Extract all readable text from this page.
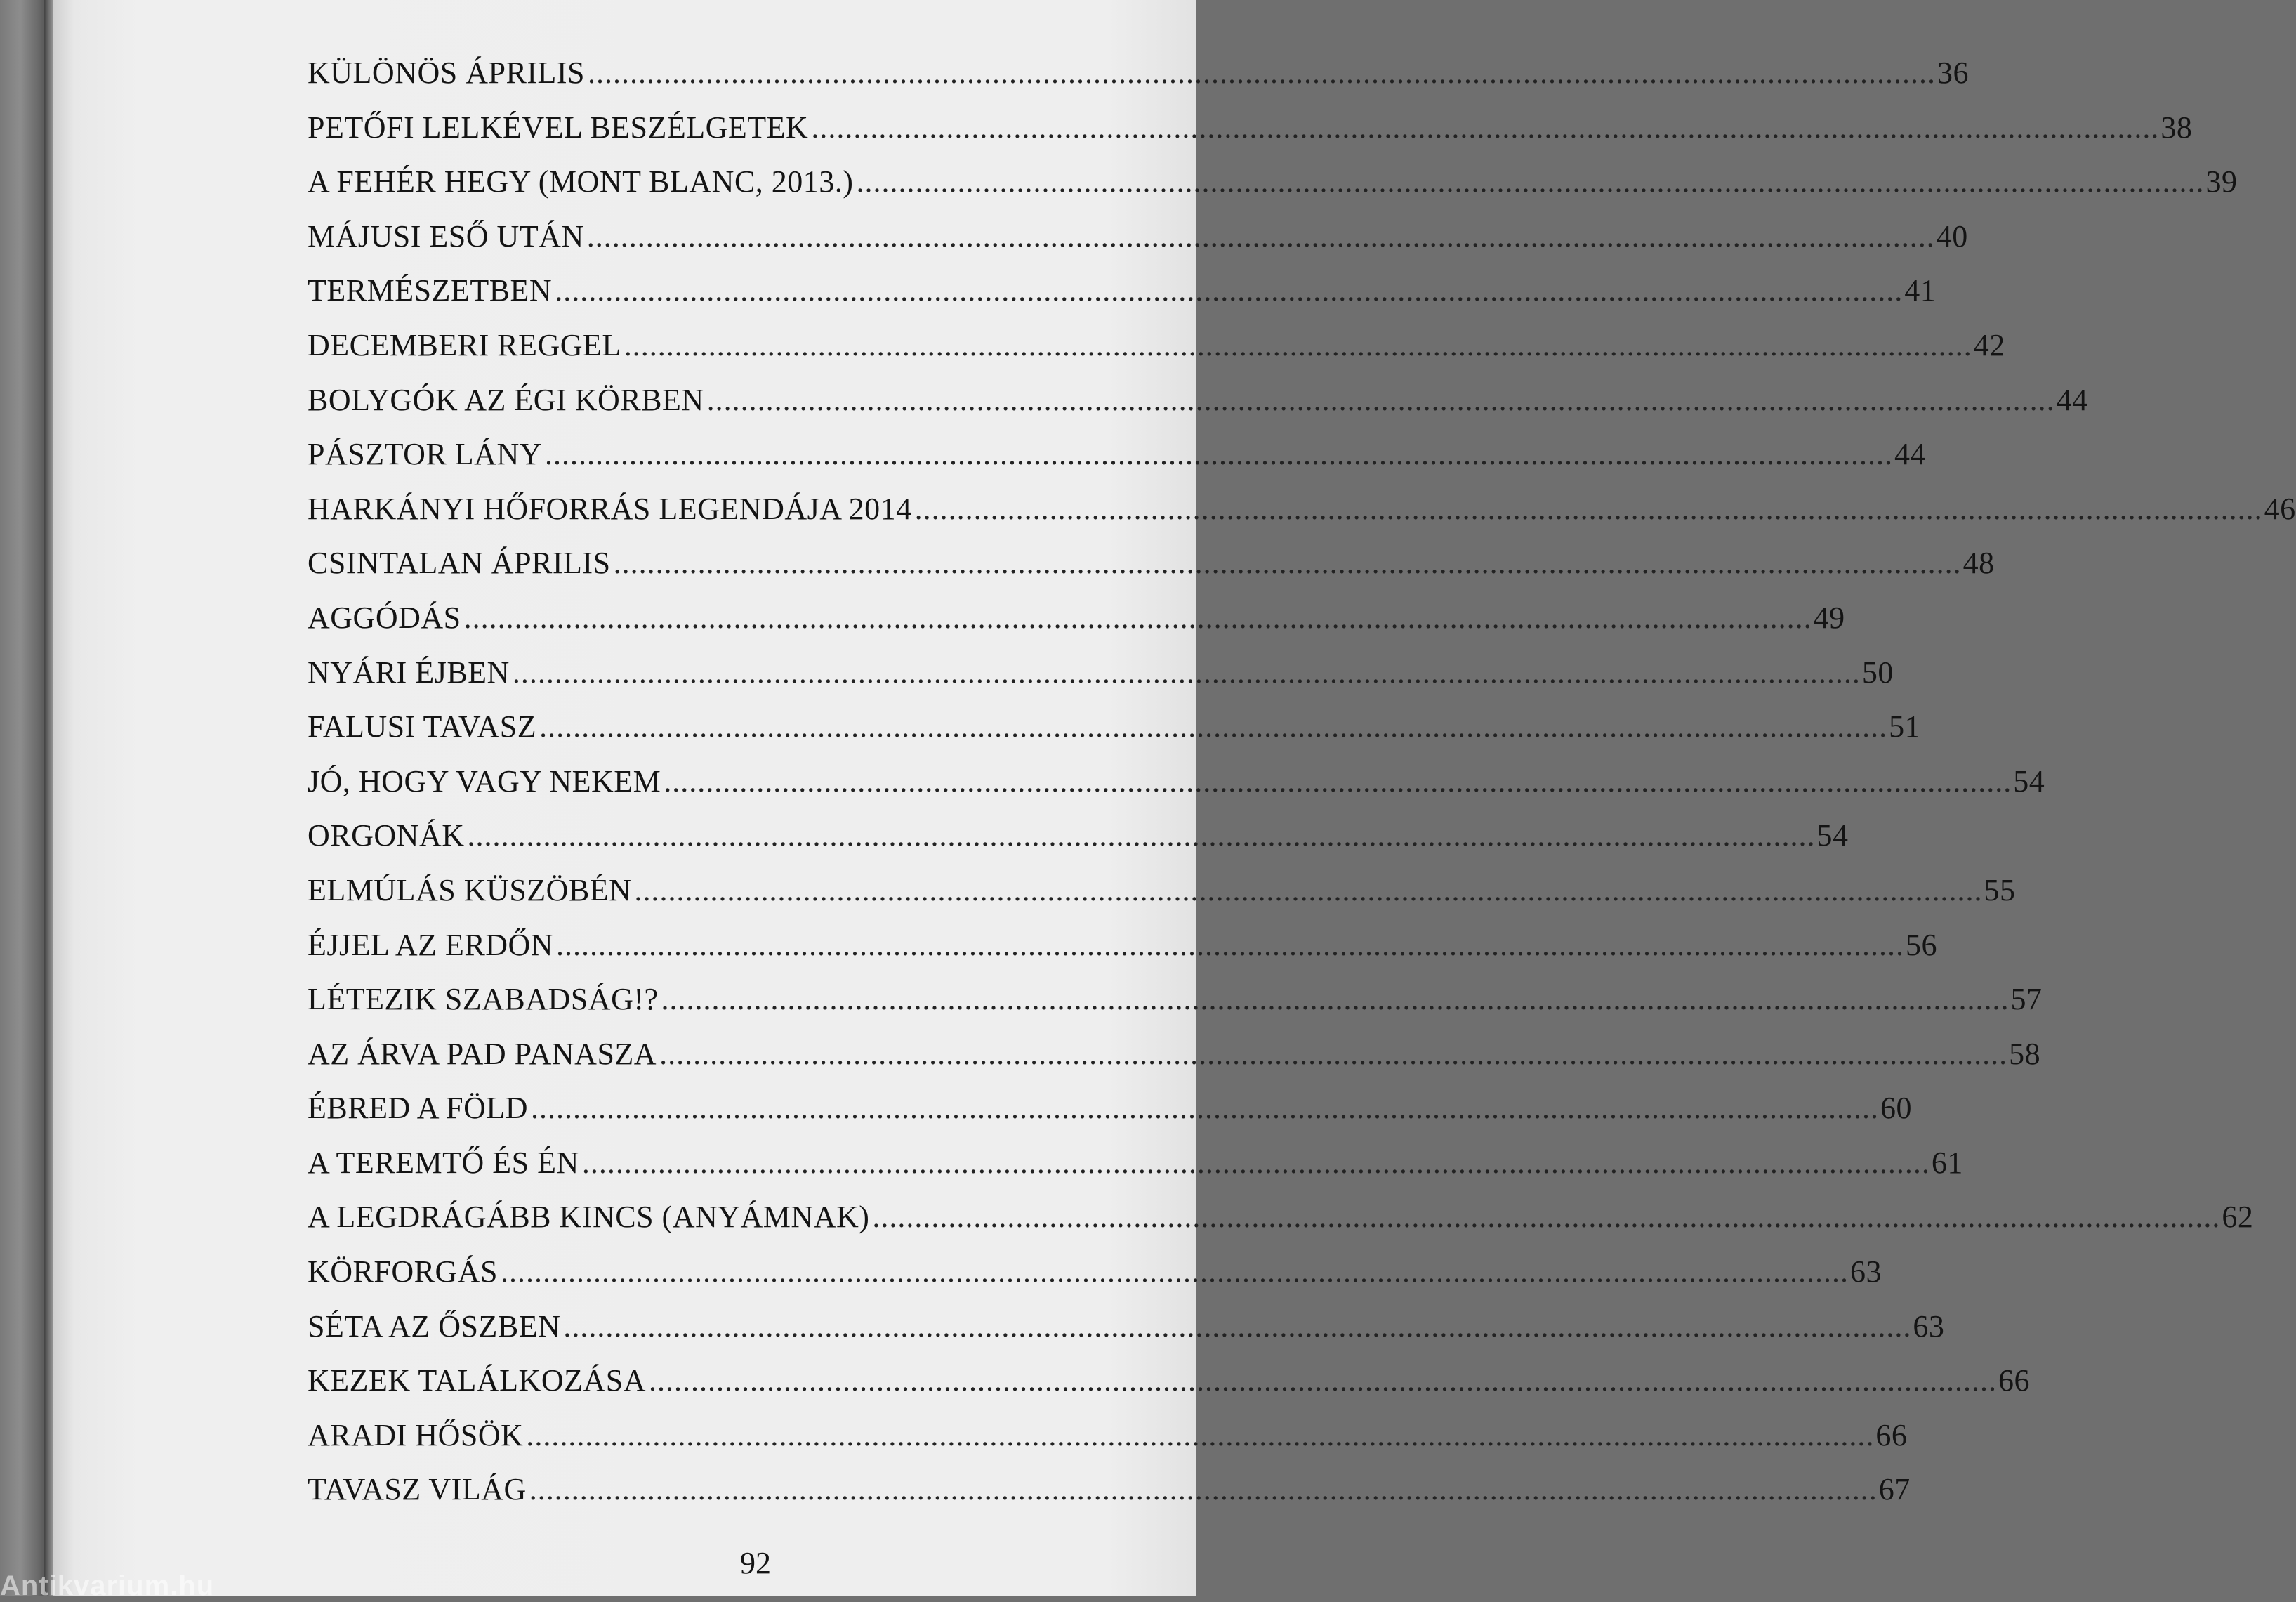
KÜLÖNÖS ÁPRILIS .....	36
PETŐFI LELKÉVEL BESZÉLGETEK .....	38
A FEHÉR HEGY (MONT BLANC, 2013.) .....	39
MÁJUSI ESŐ UTÁN .....	40
TERMÉSZETBEN .....	41
DECEMBERI REGGEL .....	42
BOLYGÓK AZ ÉGI KÖRBEN .....	44
PÁSZTOR LÁNY .....	44
HARKÁNYI HŐFORRÁS LEGENDÁJA 2014 .....	46
CSINTALAN ÁPRILIS .....	48
AGGÓDÁS .....	49
NYÁRI ÉJBEN .....	50
FALUSI TAVASZ .....	51
JÓ, HOGY VAGY NEKEM .....	54
ORGONÁK .....	54
ELMÚLÁS KÜSZÖBÉN .....	55
ÉJJEL AZ ERDŐN .....	56
LÉTEZIK SZABADSÁG!? .....	57
AZ ÁRVA PAD PANASZA .....	58
ÉBRED A FÖLD .....	60
A TEREMTŐ ÉS ÉN .....	61
A LEGDRÁGÁBB KINCS (ANYÁMNAK) .....	62
KÖRFORGÁS .....	63
SÉTA AZ ŐSZBEN .....	63
KEZEK TALÁLKOZÁSA .....	66
ARADI HŐSÖK .....	66
TAVASZ VILÁG .....	67
92
Antikvarium.hu
